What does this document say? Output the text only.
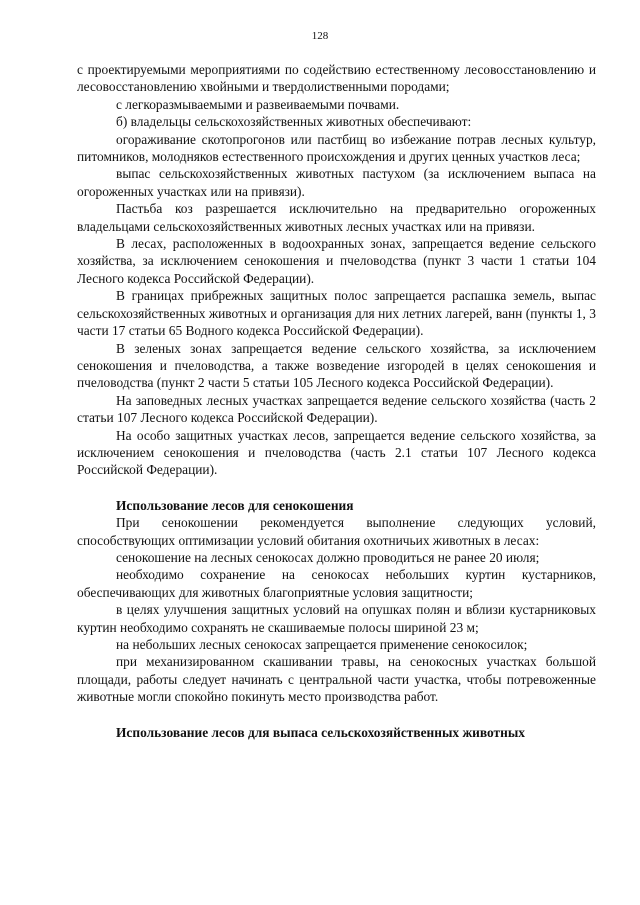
128

с проектируемыми мероприятиями по содействию естественному лесовосстановлению и лесовосстановлению хвойными и твердолиственными породами;

с легкоразмываемыми и развеиваемыми почвами.

б) владельцы сельскохозяйственных животных обеспечивают:

огораживание скотопрогонов или пастбищ во избежание потрав лесных культур, питомников, молодняков естественного происхождения и других ценных участков леса;

выпас сельскохозяйственных животных пастухом (за исключением выпаса на огороженных участках или на привязи).

Пастьба коз разрешается исключительно на предварительно огороженных владельцами сельскохозяйственных животных лесных участках или на привязи.

В лесах, расположенных в водоохранных зонах, запрещается ведение сельского хозяйства, за исключением сенокошения и пчеловодства (пункт 3 части 1 статьи 104 Лесного кодекса Российской Федерации).

В границах прибрежных защитных полос запрещается распашка земель, выпас сельскохозяйственных животных и организация для них летних лагерей, ванн (пункты 1, 3 части 17 статьи 65 Водного кодекса Российской Федерации).

В зеленых зонах запрещается ведение сельского хозяйства, за исключением сенокошения и пчеловодства, а также возведение изгородей в целях сенокошения и пчеловодства (пункт 2 части 5 статьи 105 Лесного кодекса Российской Федерации).

На заповедных лесных участках запрещается ведение сельского хозяйства (часть 2 статьи 107 Лесного кодекса Российской Федерации).

На особо защитных участках лесов, запрещается ведение сельского хозяйства, за исключением сенокошения и пчеловодства (часть 2.1 статьи 107 Лесного кодекса Российской Федерации).

Использование лесов для сенокошения

При сенокошении рекомендуется выполнение следующих условий, способствующих оптимизации условий обитания охотничьих животных в лесах:

сенокошение на лесных сенокосах должно проводиться не ранее 20 июля;

необходимо сохранение на сенокосах небольших куртин кустарников, обеспечивающих для животных благоприятные условия защитности;

в целях улучшения защитных условий на опушках полян и вблизи кустарниковых куртин необходимо сохранять не скашиваемые полосы шириной 23 м;

на небольших лесных сенокосах запрещается применение сенокосилок;

при механизированном скашивании травы, на сенокосных участках большой площади, работы следует начинать с центральной части участка, чтобы потревоженные животные могли спокойно покинуть место производства работ.

Использование лесов для выпаса сельскохозяйственных животных
